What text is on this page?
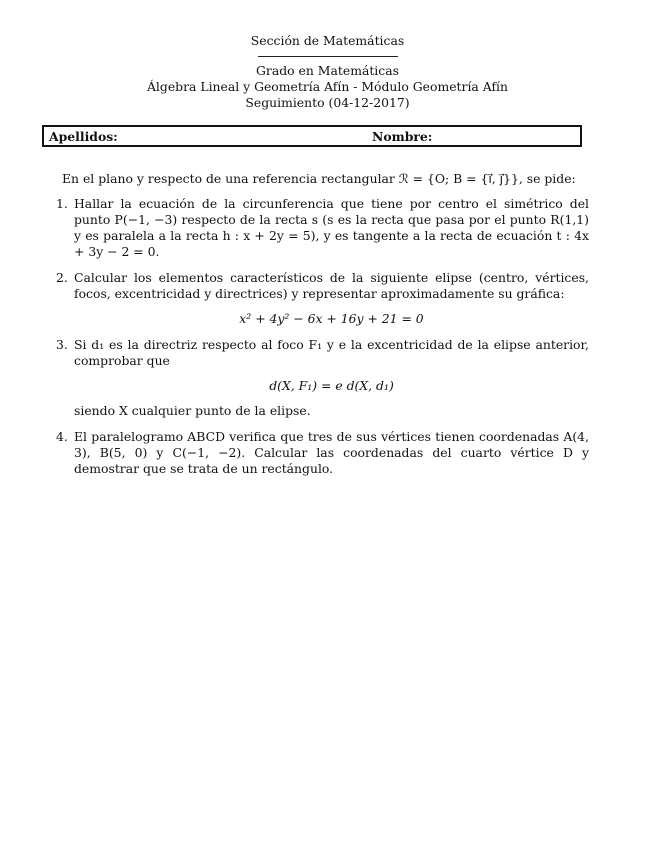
Sección de Matemáticas
Grado en Matemáticas
Álgebra Lineal y Geometría Afín - Módulo Geometría Afín
Seguimiento (04-12-2017)
Apellidos:	Nombre:
En el plano y respecto de una referencia rectangular ℛ = {O; B = {i⃗, j⃗}}, se pide:
1. Hallar la ecuación de la circunferencia que tiene por centro el simétrico del punto P(−1, −3) respecto de la recta s (s es la recta que pasa por el punto R(1,1) y es paralela a la recta h : x + 2y = 5), y es tangente a la recta de ecuación t : 4x + 3y − 2 = 0.
2. Calcular los elementos característicos de la siguiente elipse (centro, vértices, focos, excentricidad y directrices) y representar aproximadamente su gráfica:
x² + 4y² − 6x + 16y + 21 = 0
3. Si d₁ es la directriz respecto al foco F₁ y e la excentricidad de la elipse anterior, comprobar que
d(X, F₁) = e d(X, d₁)
siendo X cualquier punto de la elipse.
4. El paralelogramo ABCD verifica que tres de sus vértices tienen coordenadas A(4, 3), B(5, 0) y C(−1, −2). Calcular las coordenadas del cuarto vértice D y demostrar que se trata de un rectángulo.
